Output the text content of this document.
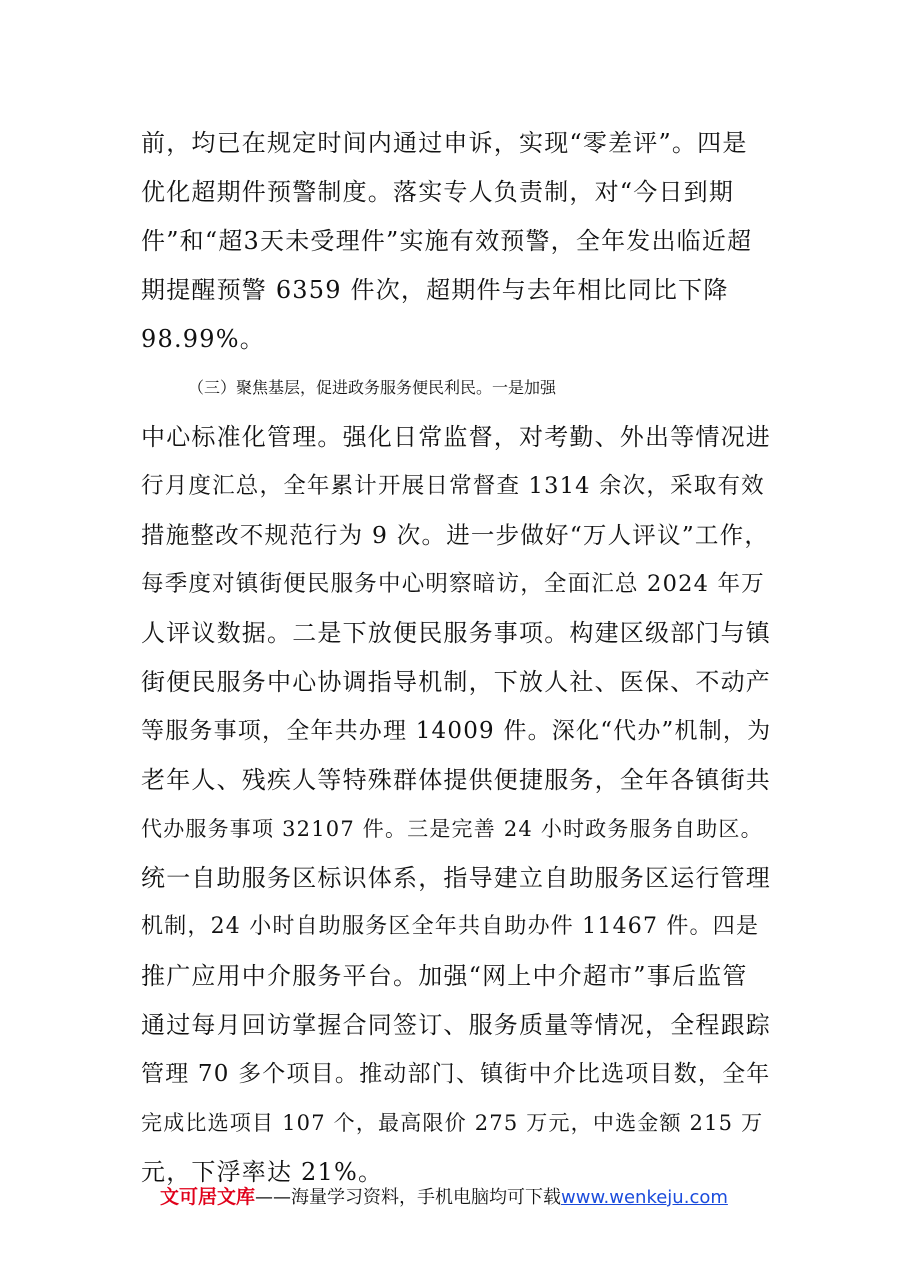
前，均已在规定时间内通过申诉，实现“零差评”。四是
优化超期件预警制度。落实专人负责制，对“今日到期
件”和“超3天未受理件”实施有效预警，全年发出临近超
期提醒预警 6359 件次，超期件与去年相比同比下降
98.99%。
（三）聚焦基层，促进政务服务便民利民。一是加强
中心标准化管理。强化日常监督，对考勤、外出等情况进
行月度汇总，全年累计开展日常督查 1314 余次，采取有效
措施整改不规范行为 9 次。进一步做好“万人评议”工作，
每季度对镇街便民服务中心明察暗访，全面汇总 2024 年万
人评议数据。二是下放便民服务事项。构建区级部门与镇
街便民服务中心协调指导机制，下放人社、医保、不动产
等服务事项，全年共办理 14009 件。深化“代办”机制，为
老年人、残疾人等特殊群体提供便捷服务，全年各镇街共
代办服务事项 32107 件。三是完善 24 小时政务服务自助区。
统一自助服务区标识体系，指导建立自助服务区运行管理
机制，24 小时自助服务区全年共自助办件 11467 件。四是
推广应用中介服务平台。加强“网上中介超市”事后监管
通过每月回访掌握合同签订、服务质量等情况，全程跟踪
管理 70 多个项目。推动部门、镇街中介比选项目数，全年
完成比选项目 107 个，最高限价 275 万元，中选金额 215 万
元，下浮率达 21%。
文可居文库——海量学习资料，手机电脑均可下载www.wenkeju.com
